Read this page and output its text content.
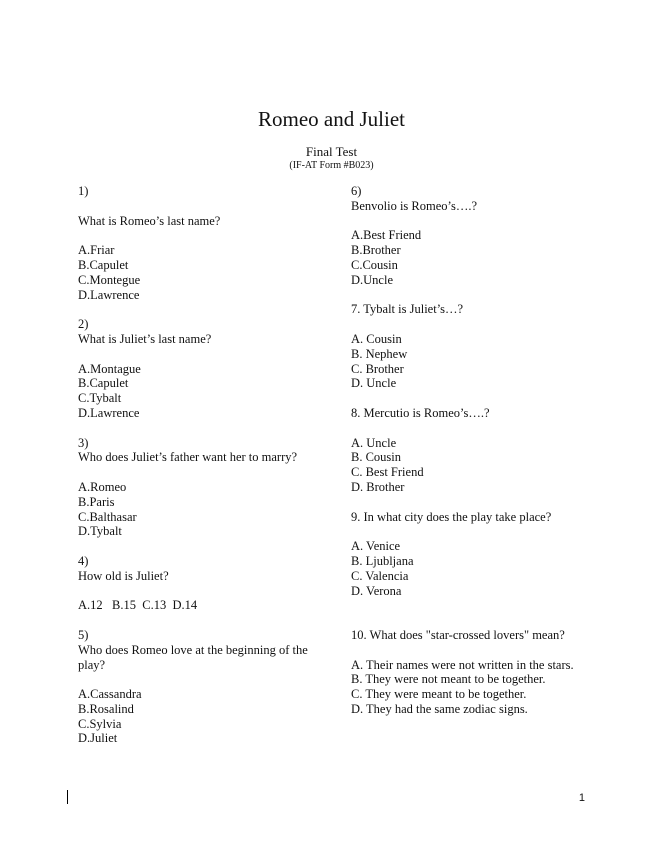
Romeo and Juliet
Final Test
(IF-AT Form #B023)
1)
What is Romeo’s last name?
A.Friar
B.Capulet
C.Montegue
D.Lawrence
2)
What is Juliet’s last name?
A.Montague
B.Capulet
C.Tybalt
D.Lawrence
3)
Who does Juliet’s father want her to marry?
A.Romeo
B.Paris
C.Balthasar
D.Tybalt
4)
How old is Juliet?
A.12   B.15  C.13  D.14
5)
Who does Romeo love at the beginning of the play?
A.Cassandra
B.Rosalind
C.Sylvia
D.Juliet
6)
Benvolio is Romeo’s….?
A.Best Friend
B.Brother
C.Cousin
D.Uncle
7. Tybalt is Juliet’s…?
A. Cousin
B. Nephew
C. Brother
D. Uncle
8. Mercutio is Romeo’s….?
A. Uncle
B. Cousin
C. Best Friend
D. Brother
9. In what city does the play take place?
A. Venice
B. Ljubljana
C. Valencia
D. Verona
10. What does "star-crossed lovers" mean?
A. Their names were not written in the stars.
B. They were not meant to be together.
C. They were meant to be together.
D. They had the same zodiac signs.
1
